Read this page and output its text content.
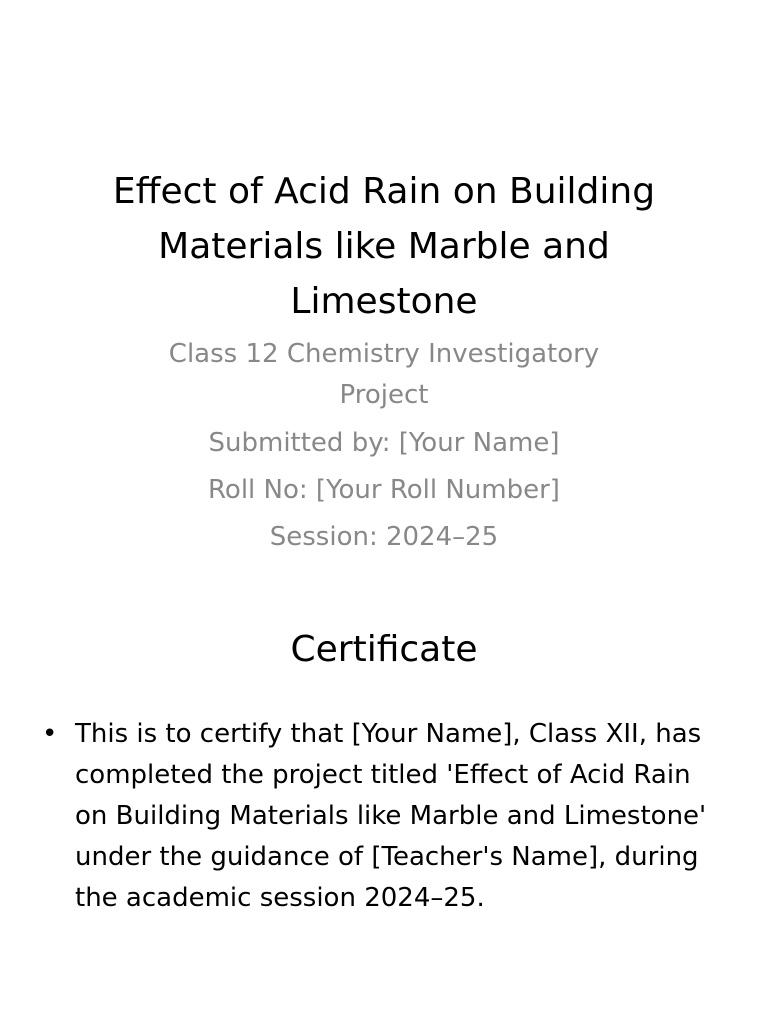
Effect of Acid Rain on Building Materials like Marble and Limestone
Class 12 Chemistry Investigatory Project
Submitted by: [Your Name]
Roll No: [Your Roll Number]
Session: 2024–25
Certificate
• This is to certify that [Your Name], Class XII, has completed the project titled 'Effect of Acid Rain on Building Materials like Marble and Limestone' under the guidance of [Teacher's Name], during the academic session 2024–25.
